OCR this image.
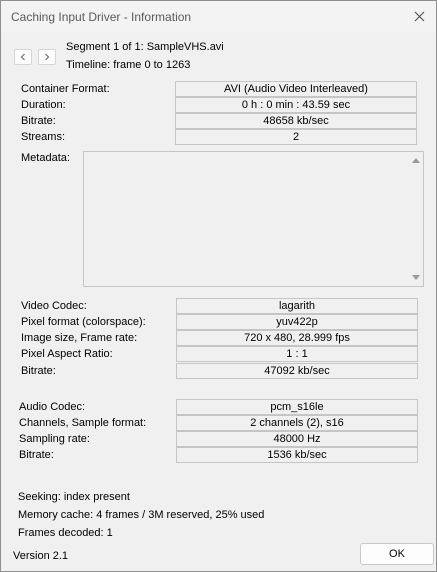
Caching Input Driver - Information
Segment 1 of 1: SampleVHS.avi
Timeline: frame 0 to 1263
Container Format:	AVI (Audio Video Interleaved)
Duration:	0 h : 0 min : 43.59 sec
Bitrate:	48658 kb/sec
Streams:	2
Metadata:
Video Codec:	lagarith
Pixel format (colorspace):	yuv422p
Image size, Frame rate:	720 x 480, 28.999 fps
Pixel Aspect Ratio:	1 : 1
Bitrate:	47092 kb/sec
Audio Codec:	pcm_s16le
Channels, Sample format:	2 channels (2), s16
Sampling rate:	48000 Hz
Bitrate:	1536 kb/sec
Seeking: index present
Memory cache: 4 frames / 3M reserved, 25% used
Frames decoded: 1
Version 2.1	OK
